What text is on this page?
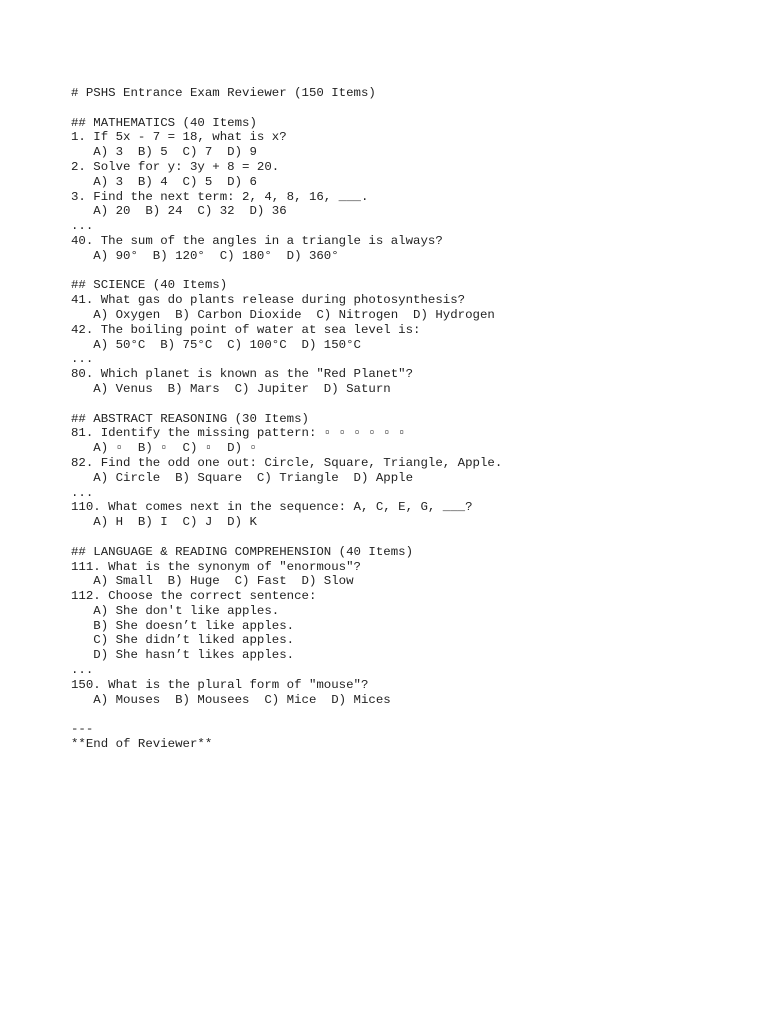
# PSHS Entrance Exam Reviewer (150 Items)
## MATHEMATICS (40 Items)
1. If 5x - 7 = 18, what is x?
A) 3  B) 5  C) 7  D) 9
2. Solve for y: 3y + 8 = 20.
A) 3  B) 4  C) 5  D) 6
3. Find the next term: 2, 4, 8, 16, ___.
A) 20  B) 24  C) 32  D) 36
...
40. The sum of the angles in a triangle is always?
A) 90°  B) 120°  C) 180°  D) 360°
## SCIENCE (40 Items)
41. What gas do plants release during photosynthesis?
A) Oxygen  B) Carbon Dioxide  C) Nitrogen  D) Hydrogen
42. The boiling point of water at sea level is:
A) 50°C  B) 75°C  C) 100°C  D) 150°C
...
80. Which planet is known as the "Red Planet"?
A) Venus  B) Mars  C) Jupiter  D) Saturn
## ABSTRACT REASONING (30 Items)
81. Identify the missing pattern: ▫ ▫ ▫ ▫ ▫ ▫
A) ▫  B) ▫  C) ▫  D) ▫
82. Find the odd one out: Circle, Square, Triangle, Apple.
A) Circle  B) Square  C) Triangle  D) Apple
...
110. What comes next in the sequence: A, C, E, G, ___?
A) H  B) I  C) J  D) K
## LANGUAGE & READING COMPREHENSION (40 Items)
111. What is the synonym of "enormous"?
A) Small  B) Huge  C) Fast  D) Slow
112. Choose the correct sentence:
A) She don't like apples.
B) She doesn’t like apples.
C) She didn’t liked apples.
D) She hasn’t likes apples.
...
150. What is the plural form of "mouse"?
A) Mouses  B) Mousees  C) Mice  D) Mices
---
**End of Reviewer**
